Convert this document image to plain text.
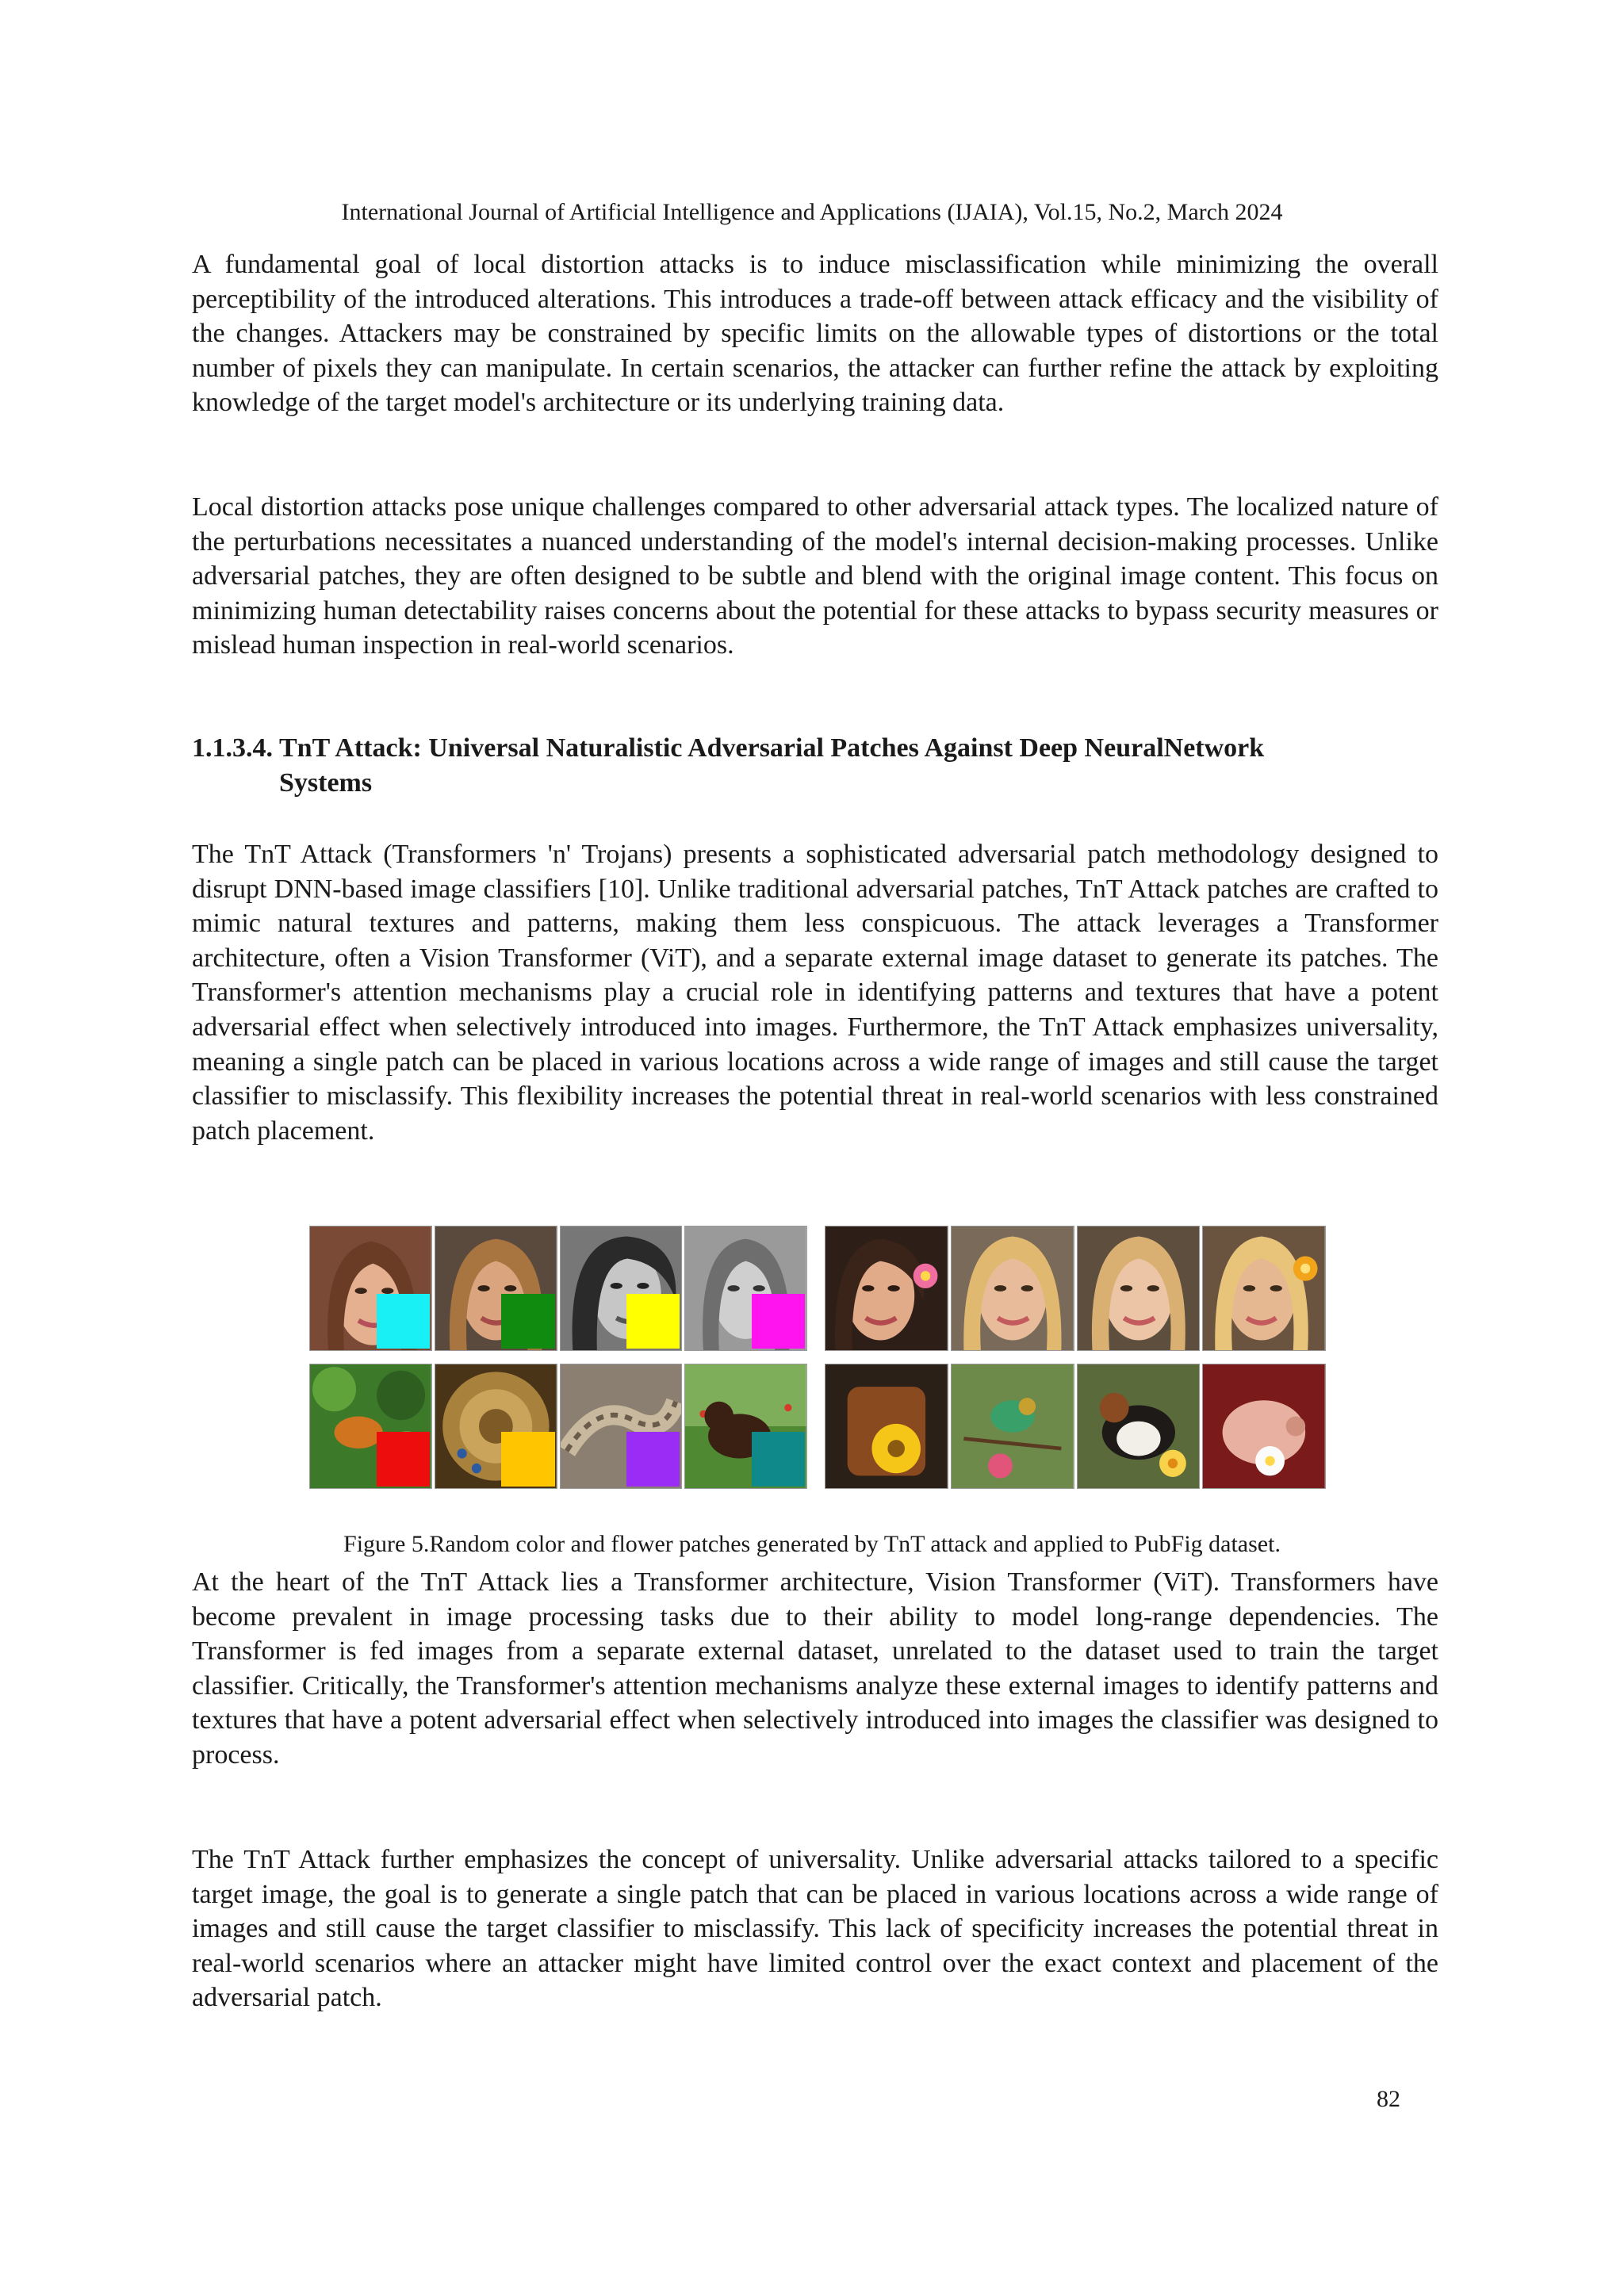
International Journal of Artificial Intelligence and Applications (IJAIA), Vol.15, No.2, March 2024

A fundamental goal of local distortion attacks is to induce misclassification while minimizing the overall perceptibility of the introduced alterations. This introduces a trade-off between attack efficacy and the visibility of the changes. Attackers may be constrained by specific limits on the allowable types of distortions or the total number of pixels they can manipulate. In certain scenarios, the attacker can further refine the attack by exploiting knowledge of the target model's architecture or its underlying training data.

Local distortion attacks pose unique challenges compared to other adversarial attack types. The localized nature of the perturbations necessitates a nuanced understanding of the model's internal decision-making processes. Unlike adversarial patches, they are often designed to be subtle and blend with the original image content. This focus on minimizing human detectability raises concerns about the potential for these attacks to bypass security measures or mislead human inspection in real-world scenarios.

1.1.3.4. TnT Attack: Universal Naturalistic Adversarial Patches Against Deep NeuralNetwork
Systems

The TnT Attack (Transformers 'n' Trojans) presents a sophisticated adversarial patch methodology designed to disrupt DNN-based image classifiers [10]. Unlike traditional adversarial patches, TnT Attack patches are crafted to mimic natural textures and patterns, making them less conspicuous. The attack leverages a Transformer architecture, often a Vision Transformer (ViT), and a separate external image dataset to generate its patches. The Transformer's attention mechanisms play a crucial role in identifying patterns and textures that have a potent adversarial effect when selectively introduced into images. Furthermore, the TnT Attack emphasizes universality, meaning a single patch can be placed in various locations across a wide range of images and still cause the target classifier to misclassify. This flexibility increases the potential threat in real-world scenarios with less constrained patch placement.

Figure 5.Random color and flower patches generated by TnT attack and applied to PubFig dataset.

At the heart of the TnT Attack lies a Transformer architecture, Vision Transformer (ViT). Transformers have become prevalent in image processing tasks due to their ability to model long-range dependencies. The Transformer is fed images from a separate external dataset, unrelated to the dataset used to train the target classifier. Critically, the Transformer's attention mechanisms analyze these external images to identify patterns and textures that have a potent adversarial effect when selectively introduced into images the classifier was designed to process.

The TnT Attack further emphasizes the concept of universality. Unlike adversarial attacks tailored to a specific target image, the goal is to generate a single patch that can be placed in various locations across a wide range of images and still cause the target classifier to misclassify. This lack of specificity increases the potential threat in real-world scenarios where an attacker might have limited control over the exact context and placement of the adversarial patch.

82
